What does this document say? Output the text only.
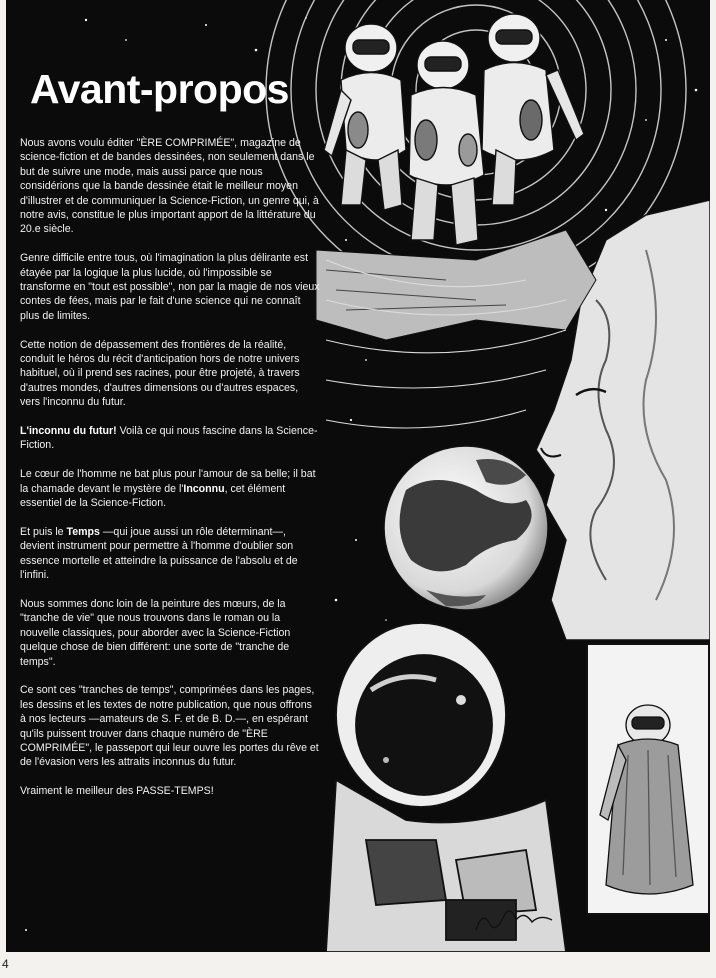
Avant-propos

Nous avons voulu éditer "ÈRE COMPRIMÉE", magazine de science-fiction et de bandes dessinées, non seulement dans le but de suivre une mode, mais aussi parce que nous considérions que la bande dessinée était le meilleur moyen d'illustrer et de communiquer la Science-Fiction, un genre qui, à notre avis, constitue le plus important apport de la littérature du 20.e siècle.

Genre difficile entre tous, où l'imagination la plus délirante est étayée par la logique la plus lucide, où l'impossible se transforme en "tout est possible", non par la magie de nos vieux contes de fées, mais par le fait d'une science qui ne connaît plus de limites.

Cette notion de dépassement des frontières de la réalité, conduit le héros du récit d'anticipation hors de notre univers habituel, où il prend ses racines, pour être projeté, à travers d'autres mondes, d'autres dimensions ou d'autres espaces, vers l'inconnu du futur.

L'inconnu du futur! Voilà ce qui nous fascine dans la Science-Fiction.

Le cœur de l'homme ne bat plus pour l'amour de sa belle; il bat la chamade devant le mystère de l'Inconnu, cet élément essentiel de la Science-Fiction.

Et puis le Temps —qui joue aussi un rôle déterminant—, devient instrument pour permettre à l'homme d'oublier son essence mortelle et atteindre la puissance de l'absolu et de l'infini.

Nous sommes donc loin de la peinture des mœurs, de la "tranche de vie" que nous trouvons dans le roman ou la nouvelle classiques, pour aborder avec la Science-Fiction quelque chose de bien différent: une sorte de "tranche de temps".

Ce sont ces "tranches de temps", comprimées dans les pages, les dessins et les textes de notre publication, que nous offrons à nos lecteurs —amateurs de S. F. et de B. D.—, en espérant qu'ils puissent trouver dans chaque numéro de "ÈRE COMPRIMÉE", le passeport qui leur ouvre les portes du rêve et de l'évasion vers les attraits inconnus du futur.

Vraiment le meilleur des PASSE-TEMPS!

4
